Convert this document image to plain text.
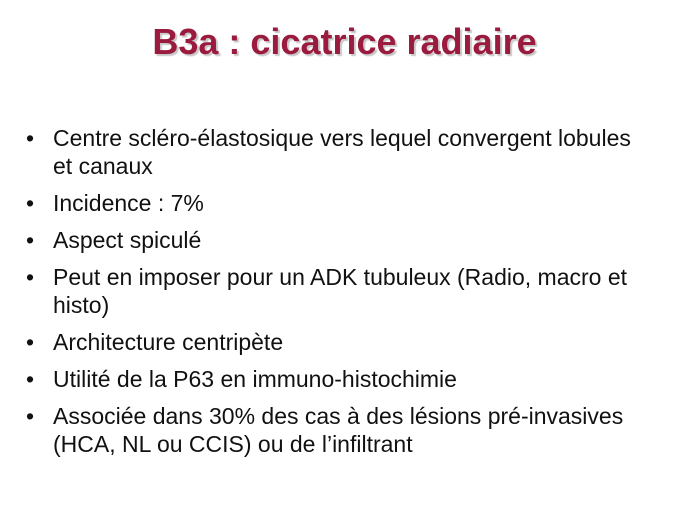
B3a : cicatrice radiaire
• Centre scléro-élastosique vers lequel convergent lobules et canaux
• Incidence : 7%
• Aspect spiculé
• Peut en imposer pour un ADK tubuleux (Radio, macro et histo)
• Architecture centripète
• Utilité de la P63 en immuno-histochimie
• Associée dans 30% des cas à des lésions pré-invasives (HCA, NL ou CCIS) ou de l’infiltrant
